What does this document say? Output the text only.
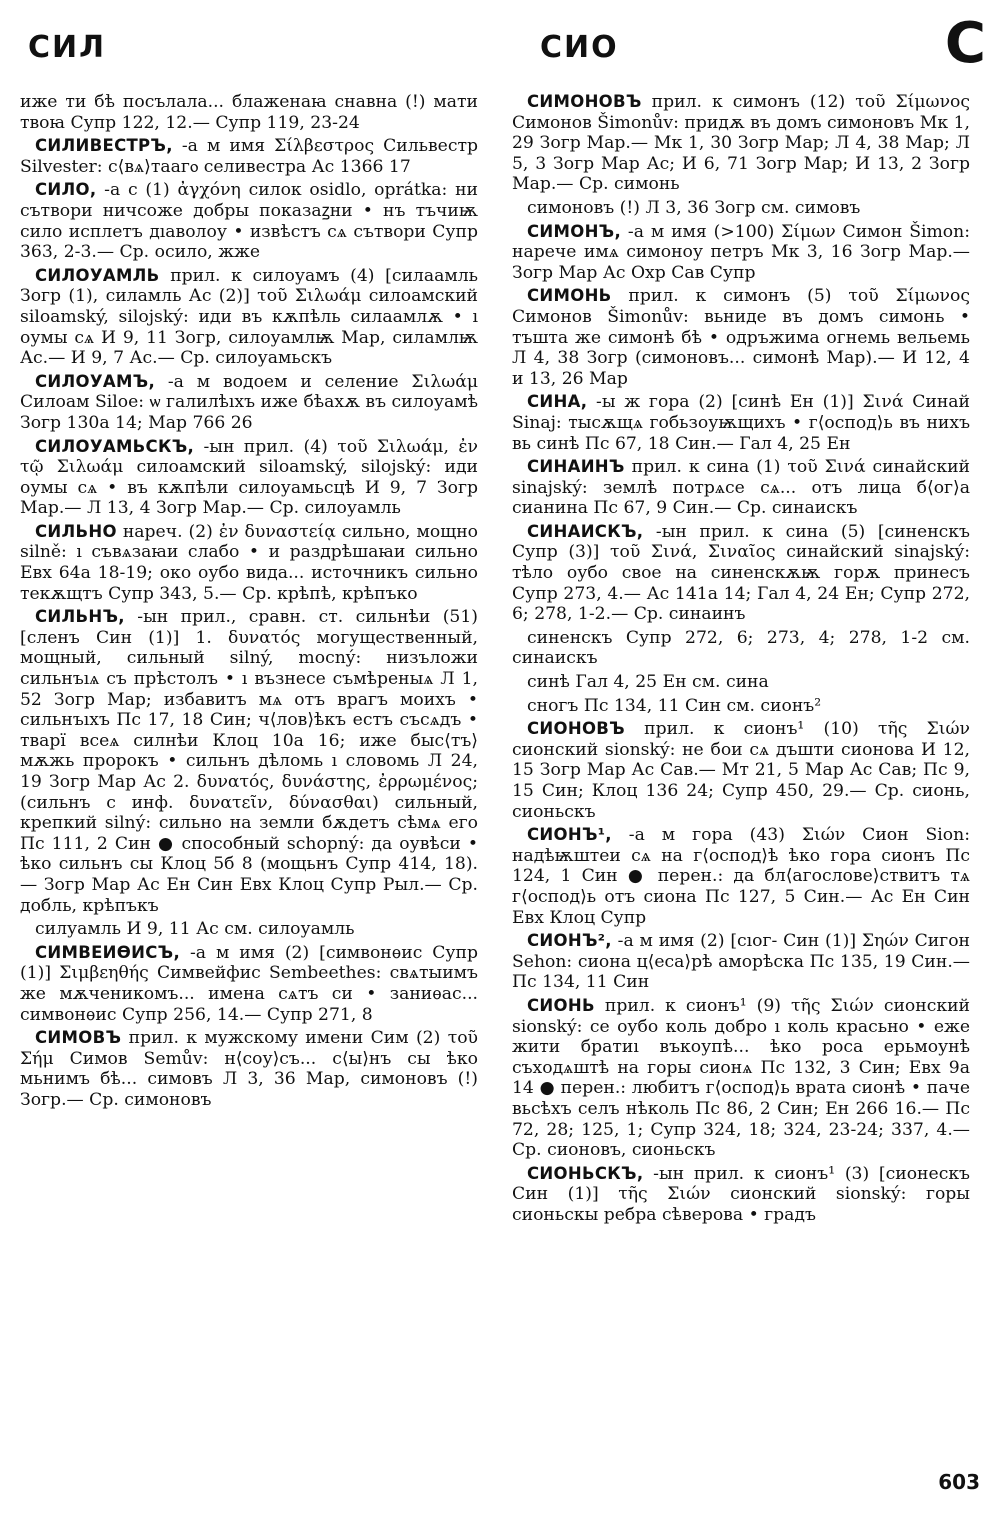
СИЛ	СИО	С

иже ти бѣ посълала... блаженаꙗ снавна (!) мати твоꙗ Супр 122, 12.— Супр 119, 23-24

СИЛИВЕСТРЪ, -а м имя Σίλβεστρος Сильвестр Silvester: с⟨вѧ⟩таагⲟ селивестра Ас 1366 17

СИЛО, -а с (1) ἀγχόνη силок osidlo, oprátka: ни сътвори ничсоже добры показаꙁни • нъ тъчиѭ сило исплетъ дıаволоу • извѣстъ сѧ сътвори Супр 363, 2-3.— Ср. осило, жже

СИЛОУАМЛЬ прил. к силоуамъ (4) [силаамль Зогр (1), силамль Ас (2)] τοῦ Σιλωάμ силоамский siloamský, silojský: иди въ кѫпѣль силаамлѫ • ı оумы сѧ И 9, 11 Зогр, силоуамлѭ Мар, силамлѭ Ас.— И 9, 7 Ас.— Ср. силоуамьскъ

СИЛОУАМЪ, -а м водоем и селение Σιλωάμ Силоам Siloe: ѡ галилѣıхъ иже бѣахѫ въ силоуамѣ Зогр 130а 14; Мар 766 26

СИЛОУАМЬСКЪ, -ын прил. (4) τοῦ Σιλωάμ, ἐν τῷ Σιλωάμ силоамский siloamský, silojský: иди оумы сѧ • въ кѫпѣли силоуамьсцѣ И 9, 7 Зогр Мар.— Л 13, 4 Зогр Мар.— Ср. силоуамль

СИЛЬНО нареч. (2) ἐν δυναστείᾳ сильно, мощно silně: ı съвѧзаꙗи слабо • и раздрѣшаꙗи сильно Евх 64а 18-19; око оубо вида... источникъ сильно текѫщтъ Супр 343, 5.— Ср. крѣпѣ, крѣпъко

СИЛЬНЪ, -ын прил., сравн. ст. сильнѣи (51) [сленъ Син (1)] 1. δυνατός могущественный, мощный, сильный silný, mocný: низъложи сильнъıѧ съ прѣстолъ • ı възнесе съмѣреныѧ Л 1, 52 Зогр Мар; избавитъ мѧ отъ врагъ моихъ • сильнъıхъ Пс 17, 18 Син; ч⟨лов⟩ѣкъ естъ съсѧдъ • тварï всеѧ силнѣи Клоц 10а 16; иже быс⟨тъ⟩ мѫжь пророкъ • сильнъ дѣломь ı словомь Л 24, 19 Зогр Мар Ас 2. δυνατός, δυνάστης, ἐρρωμένος; (сильнъ с инф. δυνατεῖν, δύνασθαι) сильный, крепкий silný: сильно на земли бѫдетъ сѣмѧ его Пс 111, 2 Син ● способный schopný: да оувѣси • ѣко сильнъ сы Клоц 5б 8 (мощьнъ Супр 414, 18).— Зогр Мар Ас Ен Син Евх Клоц Супр Рыл.— Ср. добль, крѣпъкъ

силуамль И 9, 11 Ас см. силоуамль

СИМВЕИѲИСЪ, -а м имя (2) [симвонѳис Супр (1)] Σιμβεηθής Симвейфис Sembeethes: свѧтыимъ же мѫченикомъ... имена сѧтъ си • заниѳас... симвонѳис Супр 256, 14.— Супр 271, 8

СИМОВЪ прил. к мужскому имени Сим (2) τοῦ Σήμ Симов Semův: н⟨соу⟩съ... с⟨ы⟩нъ сы ѣко мьнимъ бѣ... симовъ Л 3, 36 Мар, симоновъ (!) Зогр.— Ср. симоновъ

СИМОНОВЪ прил. к симонъ (12) τοῦ Σίμωνος Симонов Šimonův: придѫ въ домъ симоновъ Мк 1, 29 Зогр Мар.— Мк 1, 30 Зогр Мар; Л 4, 38 Мар; Л 5, 3 Зогр Мар Ас; И 6, 71 Зогр Мар; И 13, 2 Зогр Мар.— Ср. симонь

симоновъ (!) Л 3, 36 Зогр см. симовъ

СИМОНЪ, -а м имя (>100) Σίμων Симон Šimon: нарече имѧ симоноу петръ Мк 3, 16 Зогр Мар.— Зогр Мар Ас Охр Сав Супр

СИМОНЬ прил. к симонъ (5) τοῦ Σίμωνος Симонов Šimonův: вьниде въ домъ симонь • тъшта же симонѣ бѣ • одръжима огнемь вельемь Л 4, 38 Зогр (симоновъ... симонѣ Мар).— И 12, 4 и 13, 26 Мар

СИНА, -ы ж гора (2) [синѣ Ен (1)] Σινά Синай Sinaj: тысѫщѧ гобьзоуѭщихъ • г⟨оспод⟩ь въ нихъ вь синѣ Пс 67, 18 Син.— Гал 4, 25 Ен

СИНАИНЪ прил. к сина (1) τοῦ Σινά синайский sinajský: землѣ потрѧсе сѧ... отъ лица б⟨ог⟩а сианина Пс 67, 9 Син.— Ср. синаискъ

СИНАИСКЪ, -ын прил. к сина (5) [синенскъ Супр (3)] τοῦ Σινά, Σιναῖος синайский sinajský: тѣло оубо свое на синенскѫѭ горѫ принесъ Супр 273, 4.— Ас 141а 14; Гал 4, 24 Ен; Супр 272, 6; 278, 1-2.— Ср. синаинъ

синенскъ Супр 272, 6; 273, 4; 278, 1-2 см. синаискъ

синѣ Гал 4, 25 Ен см. сина

сногъ Пс 134, 11 Син см. сионъ²

СИОНОВЪ прил. к сионъ¹ (10) τῆς Σιών сионский sionský: не бои сѧ дъшти сионова И 12, 15 Зогр Мар Ас Сав.— Мт 21, 5 Мар Ас Сав; Пс 9, 15 Син; Клоц 136 24; Супр 450, 29.— Ср. сионь, сионьскъ

СИОНЪ¹, -а м гора (43) Σιών Сион Sion: надѣѭштеи сѧ на г⟨оспод⟩ѣ ѣко гора сионъ Пс 124, 1 Син ● перен.: да бл⟨агослове⟩ствитъ тѧ г⟨оспод⟩ь отъ сиона Пс 127, 5 Син.— Ас Ен Син Евх Клоц Супр

СИОНЪ², -а м имя (2) [сıог- Син (1)] Σηών Сигон Sehon: сиона ц⟨еса⟩рѣ аморѣска Пс 135, 19 Син.— Пс 134, 11 Син

СИОНЬ прил. к сионъ¹ (9) τῆς Σιών сионский sionský: се оубо коль добро ı коль красьно • еже жити братиı въкоупѣ... ѣко роса ерьмоунѣ съходѧштѣ на горы сионѧ Пс 132, 3 Син; Евх 9а 14 ● перен.: любитъ г⟨оспод⟩ь врата сионѣ • паче вьсѣхъ селъ нѣколь Пс 86, 2 Син; Ен 266 16.— Пс 72, 28; 125, 1; Супр 324, 18; 324, 23-24; 337, 4.— Ср. сионовъ, сионьскъ

СИОНЬСКЪ, -ын прил. к сионъ¹ (3) [сионескъ Син (1)] τῆς Σιών сионский sionský: горы сионьскы ребра сѣверова • градъ

603
